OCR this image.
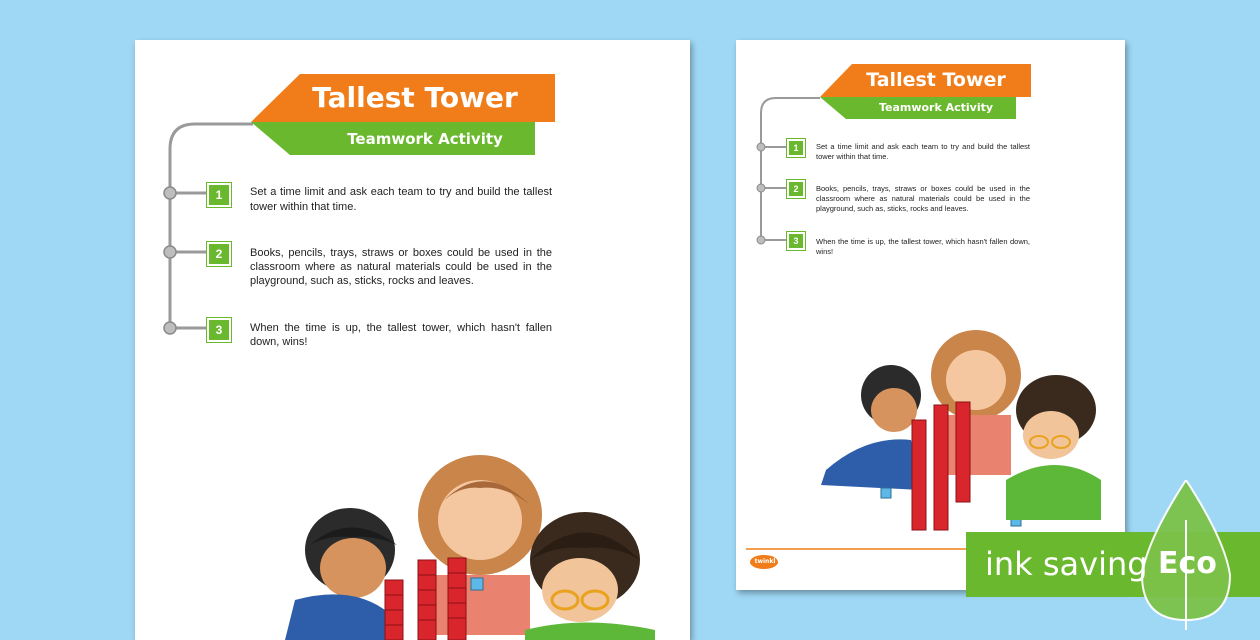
Tallest Tower
Teamwork Activity
1	Set a time limit and ask each team to try and build the tallest tower within that time.
2	Books, pencils, trays, straws or boxes could be used in the classroom where as natural materials could be used in the playground, such as, sticks, rocks and leaves.
3	When the time is up, the tallest tower, which hasn't fallen down, wins!
Tallest Tower
Teamwork Activity
1	Set a time limit and ask each team to try and build the tallest tower within that time.
2	Books, pencils, trays, straws or boxes could be used in the classroom where as natural materials could be used in the playground, such as, sticks, rocks and leaves.
3	When the time is up, the tallest tower, which hasn't fallen down, wins!
twinkl	ink saving Eco
